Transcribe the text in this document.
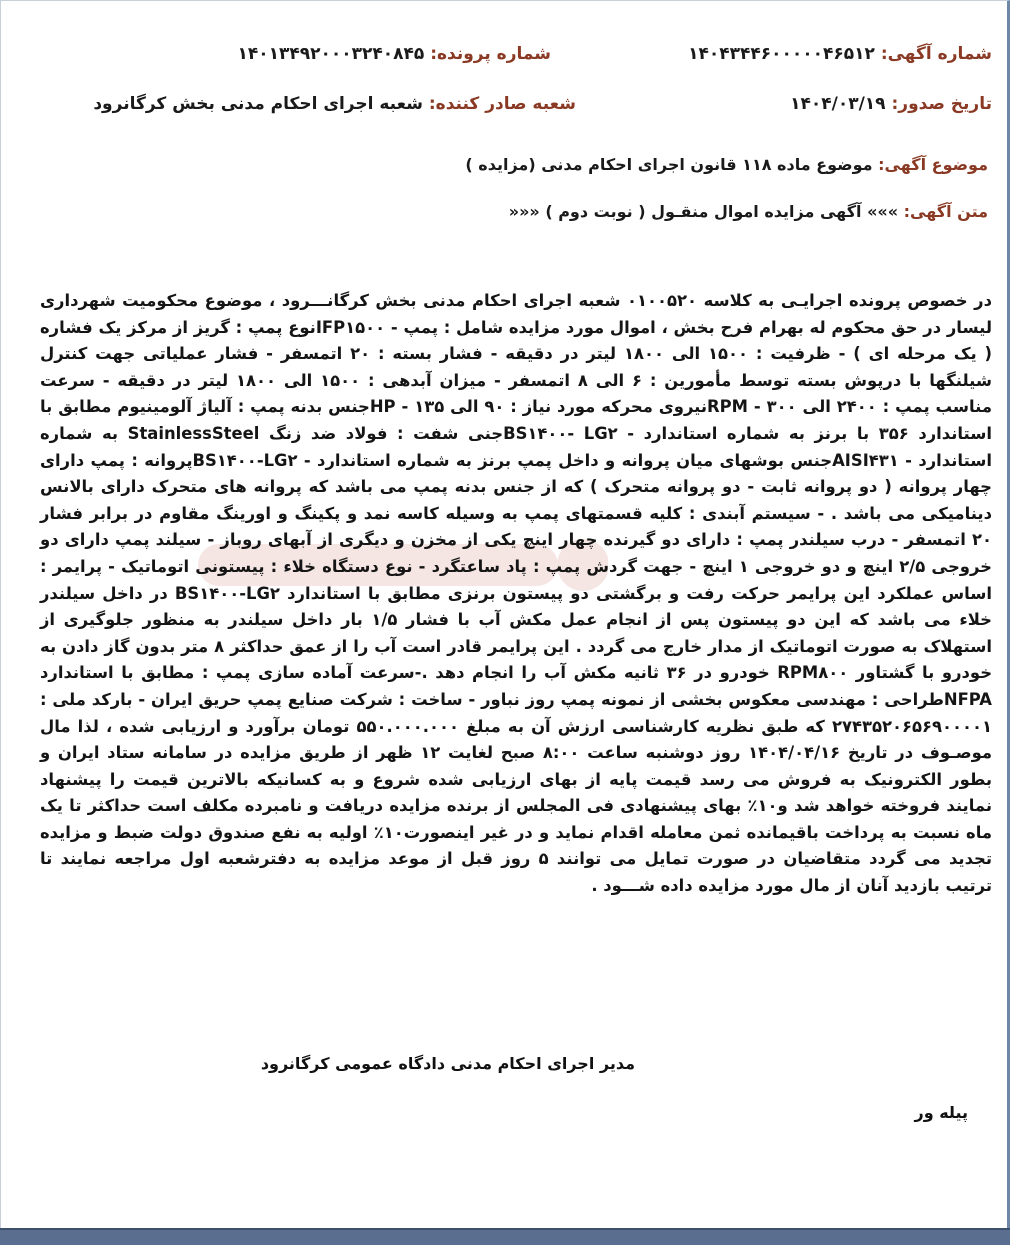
شماره آگهی: ۱۴۰۴۳۴۴۶۰۰۰۰۰۴۶۵۱۲
شماره پرونده: ۱۴۰۱۳۴۹۲۰۰۰۳۲۴۰۸۴۵
تاریخ صدور: ۱۴۰۴/۰۳/۱۹
شعبه صادر کننده: شعبه اجرای احکام مدنی بخش کرگانرود
موضوع آگهی: موضوع ماده ۱۱۸ قانون اجرای احکام مدنی (مزایده )
متن آگهی: »»» آگهی مزایده اموال منقـول ( نوبت دوم ) «««
در خصوص پرونده اجرایـی به کلاسه ۰۱۰۰۵۲۰ شعبه اجرای احکام مدنی بخش کرگانـــرود ، موضوع محکومیت شهرداری لیسار در حق محکوم له بهرام فرح بخش ، اموال مورد مزایده شامل : پمپ - IFP۱۵۰۰نوع پمپ : گریز از مرکز یک فشاره ( یک مرحله ای ) - ظرفیت : ۱۵۰۰ الی ۱۸۰۰ لیتر در دقیقه - فشار بسته : ۲۰ اتمسفر - فشار عملیاتی جهت کنترل شیلنگها با درپوش بسته توسط مأمورین : ۶ الی ۸ اتمسفر - میزان آبدهی : ۱۵۰۰ الی ۱۸۰۰ لیتر در دقیقه - سرعت مناسب پمپ : ۲۴۰۰ الی ۳۰۰ - RPMنیروی محرکه مورد نیاز : ۹۰ الی ۱۳۵ - HPجنس بدنه پمپ : آلیاژ آلومینیوم مطابق با استاندارد ۳۵۶ با برنز به شماره استاندارد - BS۱۴۰۰- LG۲جنی شفت : فولاد ضد زنگ StainlessSteel به شماره استاندارد - AISI۴۳۱جنس بوشهای میان پروانه و داخل پمپ برنز به شماره استاندارد - BS۱۴۰۰-LG۲پروانه : پمپ دارای چهار پروانه ( دو پروانه ثابت - دو پروانه متحرک ) که از جنس بدنه پمپ می باشد که پروانه های متحرک دارای بالانس دینامیکی می باشد . - سیستم آبندی : کلیه قسمتهای پمپ به وسیله کاسه نمد و پکینگ و اورینگ مقاوم در برابر فشار ۲۰ اتمسفر - درب سیلندر پمپ : دارای دو گیرنده چهار اینچ یکی از مخزن و دیگری از آبهای روباز - سیلند پمپ دارای دو خروجی ۲/۵ اینچ و دو خروجی ۱ اینچ - جهت گردش پمپ : پاد ساعتگرد - نوع دستگاه خلاء : پیستونی اتوماتیک - پرایمر : اساس عملکرد این پرایمر حرکت رفت و برگشتی دو پیستون برنزی مطابق با استاندارد BS۱۴۰۰-LG۲ در داخل سیلندر خلاء می باشد که این دو پیستون پس از انجام عمل مکش آب با فشار ۱/۵ بار داخل سیلندر به منظور جلوگیری از استهلاک به صورت اتوماتیک از مدار خارج می گردد . این پرایمر قادر است آب را از عمق حداکثر ۸ متر بدون گاز دادن به خودرو با گشتاور RPM۸۰۰ خودرو در ۳۶ ثانیه مکش آب را انجام دهد .-سرعت آماده سازی پمپ : مطابق با استاندارد NFPAطراحی : مهندسی معکوس بخشی از نمونه پمپ روز نباور - ساخت : شرکت صنایع پمپ حریق ایران - بارکد ملی : ۲۷۴۳۵۲۰۶۵۶۹۰۰۰۰۱ که طبق نظریه کارشناسی ارزش آن به مبلغ ۵۵۰.۰۰۰.۰۰۰ تومان برآورد و ارزیابی شده ، لذا مال موصـوف در تاریخ ۱۴۰۴/۰۴/۱۶ روز دوشنبه ساعت ۸:۰۰ صبح لغایت ۱۲ ظهر از طریق مزایده در سامانه ستاد ایران و بطور الکترونیک به فروش می رسد قیمت پایه از بهای ارزیابی شده شروع و به کسانیکه بالاترین قیمت را پیشنهاد نمایند فروخته خواهد شد و۱۰٪ بهای پیشنهادی فی المجلس از برنده مزایده دریافت و نامبرده مکلف است حداکثر تا یک ماه نسبت به پرداخت باقیمانده ثمن معامله اقدام نماید و در غیر اینصورت۱۰٪ اولیه به نفع صندوق دولت ضبط و مزایده تجدید می گردد متقاضیان در صورت تمایل می توانند ۵ روز قبل از موعد مزایده به دفترشعبه اول مراجعه نمایند تا ترتیب بازدید آنان از مال مورد مزایده داده شـــود .
مدیر اجرای احکام مدنی دادگاه عمومی کرگانرود
پیله ور
